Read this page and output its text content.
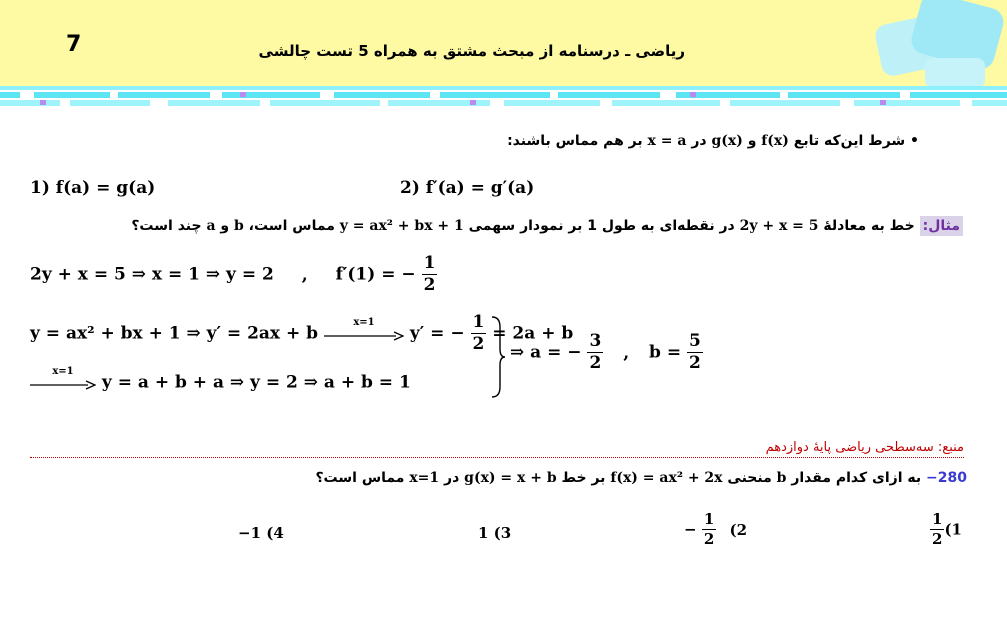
7	ریاضی ـ درسنامه از مبحث مشتق به همراه 5 تست چالشی
• شرط این‌که تابع f(x) و g(x) در x = a بر هم مماس باشند:
1) f(a) = g(a)	2) f′(a) = g′(a)
مثال: خط به معادلهٔ 2y + x = 5 در نقطه‌ای به طول 1 بر نمودار سهمی y = ax² + bx + 1 مماس است، b و a چند است؟
2y + x = 5 ⇒ x = 1 ⇒ y = 2 , f′(1) = − $\frac{1}{2}$
y = ax² + bx + 1 ⇒ y′ = 2ax + b
x=1
y′ = − $\frac{1}{2} = 2a + b$
x=1
y = a + b + a ⇒ y = 2 ⇒ a + b = 1
⇒ a = − $\frac{3}{2}$ , $b = \frac{5}{2}$
منبع: سه‌سطحی ریاضی پایهٔ دوازدهم
280− به ازای کدام مقدار b منحنی f(x) = ax² + 2x بر خط g(x) = x + b در x=1 مماس است؟
$\frac{1}{2} (1$
− $\frac{1}{2} (2$
1 (3
−1 (4
